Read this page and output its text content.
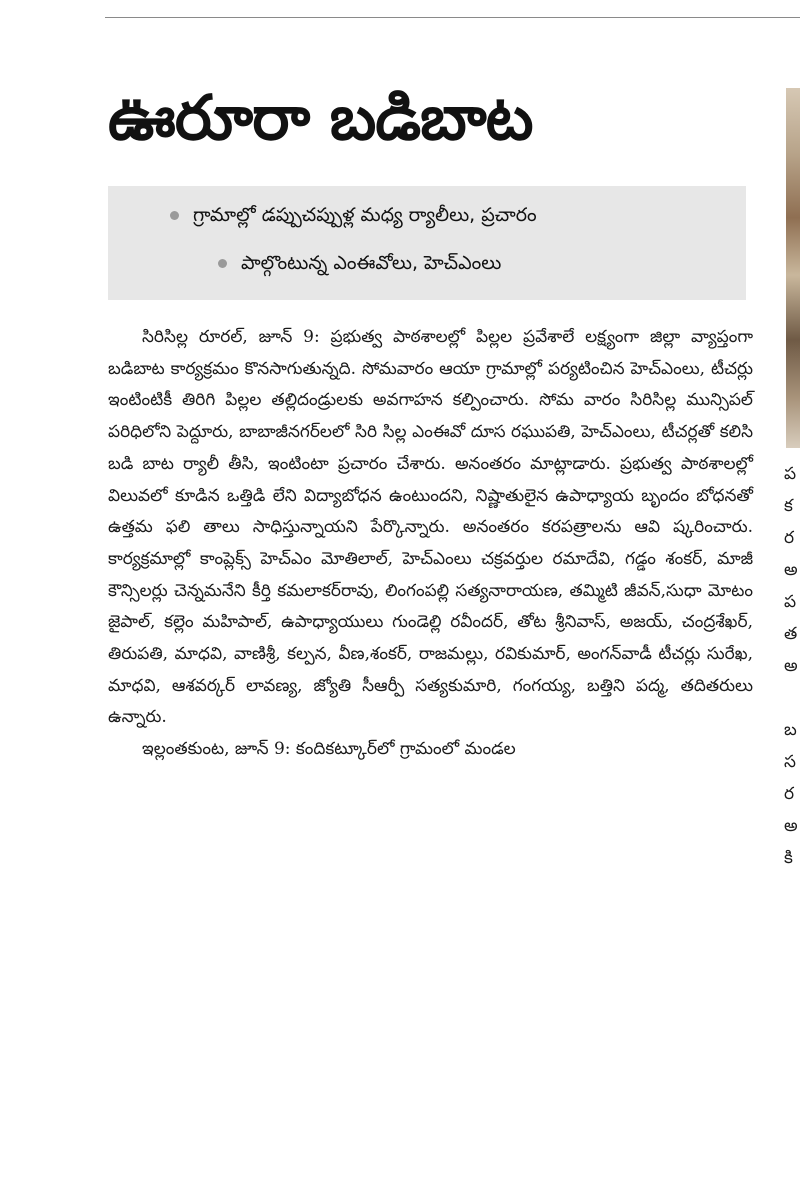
ఊరూరా బడిబాట
గ్రామాల్లో డప్పుచప్పుళ్ల మధ్య ర్యాలీలు, ప్రచారం
పాల్గొంటున్న ఎంఈవోలు, హెచ్‌ఎంలు

సిరిసిల్ల రూరల్, జూన్ 9: ప్రభుత్వ పాఠశాలల్లో పిల్లల ప్రవేశాలే లక్ష్యంగా జిల్లా వ్యాప్తంగా బడిబాట కార్యక్రమం కొనసాగుతున్నది. సోమవారం ఆయా గ్రామాల్లో పర్యటించిన హెచ్‌ఎంలు, టీచర్లు ఇంటింటికీ తిరిగి పిల్లల తల్లిదండ్రులకు అవగాహన కల్పించారు. సోమ వారం సిరిసిల్ల మున్సిపల్ పరిధిలోని పెద్దూరు, బాబాజీనగర్‌లలో సిరి సిల్ల ఎంఈవో దూస రఘుపతి, హెచ్‌ఎంలు, టీచర్లతో కలిసి బడి బాట ర్యాలీ తీసి, ఇంటింటా ప్రచారం చేశారు. అనంతరం మాట్లాడారు. ప్రభుత్వ పాఠశాలల్లో విలువలో కూడిన ఒత్తిడి లేని విద్యాబోధన ఉంటుందని, నిష్ణాతులైన ఉపాధ్యాయ బృందం బోధనతో ఉత్తమ ఫలి తాలు సాధిస్తున్నాయని పేర్కొన్నారు. అనంతరం కరపత్రాలను ఆవి ష్కరించారు. కార్యక్రమాల్లో కాంప్లెక్స్ హెచ్‌ఎం మోతిలాల్, హెచ్‌ఎంలు చక్రవర్తుల రమాదేవి, గడ్డం శంకర్, మాజీ కౌన్సిలర్లు చెన్నమనేని కీర్తి కమలాకర్‌రావు, లింగంపల్లి సత్యనారాయణ, తమ్మిటి జీవన్,సుధా మోటం జైపాల్, కల్లెం మహిపాల్, ఉపాధ్యాయులు గుండెల్లి రవీందర్, తోట శ్రీనివాస్, అజయ్, చంద్రశేఖర్, తిరుపతి, మాధవి, వాణిశ్రీ, కల్పన, వీణ,శంకర్, రాజమల్లు, రవికుమార్, అంగన్‌వాడీ టీచర్లు సురేఖ, మాధవి, ఆశవర్కర్ లావణ్య, జ్యోతి సీఆర్పీ సత్యకుమారి, గంగయ్య, బత్తిని పద్మ, తదితరులు ఉన్నారు.

ఇల్లంతకుంట, జూన్ 9: కందికట్కూర్‌లో గ్రామంలో మండల

ప
క
ర
అ
ప
త
అ
బ
స
ర
అ
కి
